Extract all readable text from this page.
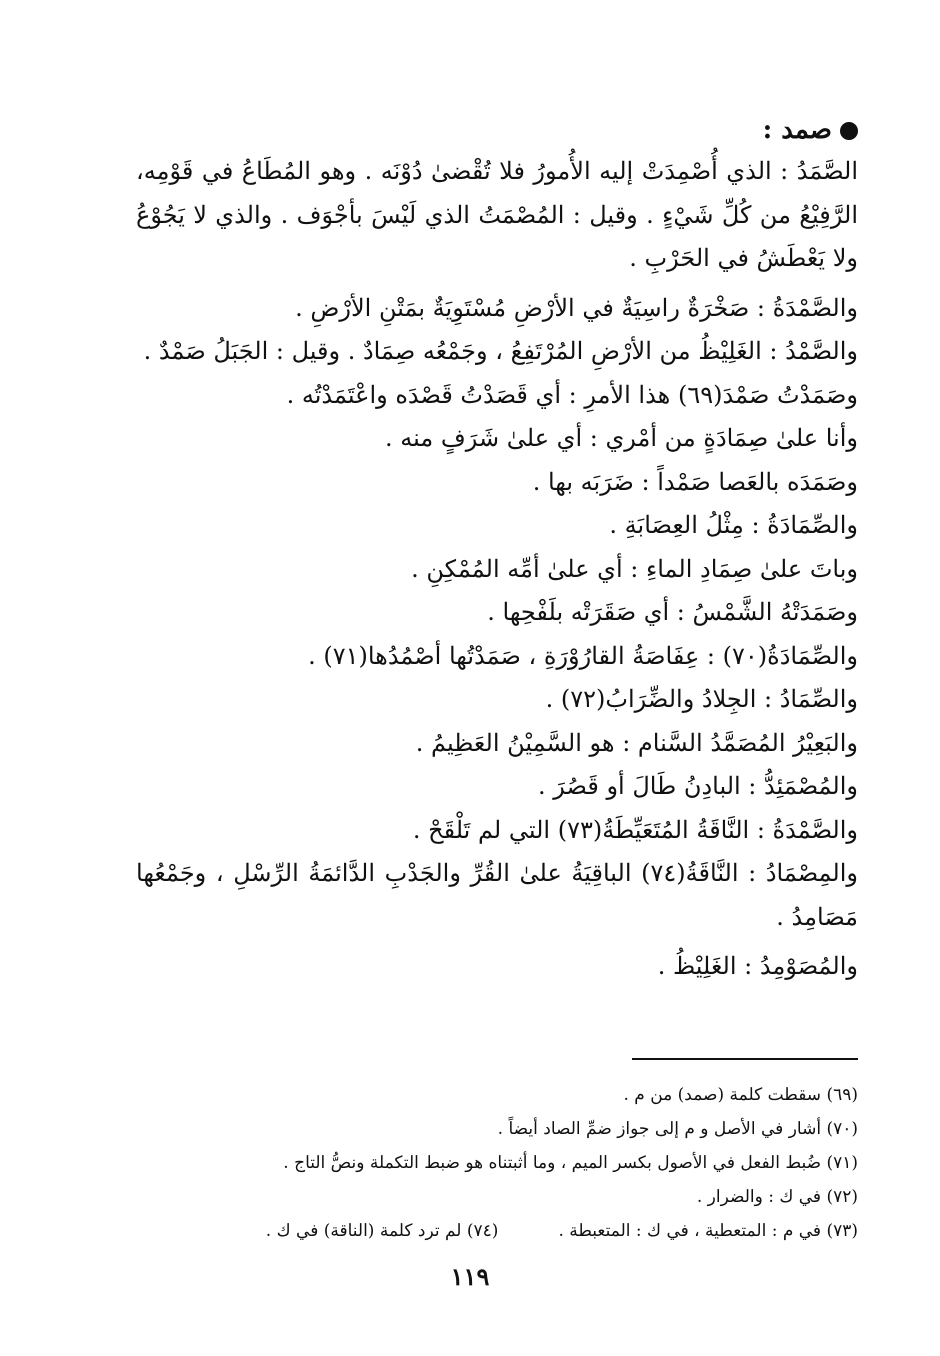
صمد :

الصَّمَدُ : الذي أُصْمِدَتْ إليه الأُمورُ فلا تُقْضىٰ دُوْنَه . وهو المُطَاعُ في قَوْمِه، الرَّفِيْعُ من كُلِّ شَيْءٍ . وقيل : المُصْمَتُ الذي لَيْسَ بأجْوَف . والذي لا يَجُوْعُ ولا يَعْطَشُ في الحَرْبِ .

والصَّمْدَةُ : صَخْرَةٌ راسِيَةٌ في الأرْضِ مُسْتَوِيَةٌ بمَتْنِ الأرْضِ .

والصَّمْدُ : الغَلِيْظُ من الأرْضِ المُرْتَفِعُ ، وجَمْعُه صِمَادٌ . وقيل : الجَبَلُ صَمْدٌ .

وصَمَدْتُ صَمْدَ(٦٩) هذا الأمرِ : أي قَصَدْتُ قَصْدَه واعْتَمَدْتُه .

وأنا علىٰ صِمَادَةٍ من أمْري : أي علىٰ شَرَفٍ منه .

وصَمَدَه بالعَصا صَمْداً : ضَرَبَه بها .

والصِّمَادَةُ : مِثْلُ العِصَابَةِ .

وباتَ علىٰ صِمَادِ الماءِ : أي علىٰ أمِّه المُمْكِنِ .

وصَمَدَتْهُ الشَّمْسُ : أي صَقَرَتْه بلَفْحِها .

والصِّمَادَةُ(٧٠) : عِفَاصَةُ القارُوْرَةِ ، صَمَدْتُها أصْمُدُها(٧١) .

والصِّمَادُ : الجِلادُ والضِّرَابُ(٧٢) .

والبَعِيْرُ المُصَمَّدُ السَّنام : هو السَّمِيْنُ العَظِيمُ .

والمُصْمَئِدُّ : البادِنُ طَالَ أو قَصُرَ .

والصَّمْدَةُ : النَّاقَةُ المُتَعَيِّطَةُ(٧٣) التي لم تَلْقَحْ .

والمِصْمَادُ : النَّاقَةُ(٧٤) الباقِيَةُ علىٰ القُرِّ والجَدْبِ الدَّائمَةُ الرِّسْلِ ، وجَمْعُها مَصَامِدُ .

والمُصَوْمِدُ : الغَلِيْظُ .

(٦٩) سقطت كلمة (صمد) من م .

(٧٠) أشار في الأصل و م إلى جواز ضمِّ الصاد أيضاً .

(٧١) ضُبط الفعل في الأصول بكسر الميم ، وما أثبتناه هو ضبط التكملة ونصُّ التاج .

(٧٢) في ك : والضرار .

(٧٣) في م : المتعطية ، في ك : المتعبطة .

(٧٤) لم ترد كلمة (الناقة) في ك .

١١٩
